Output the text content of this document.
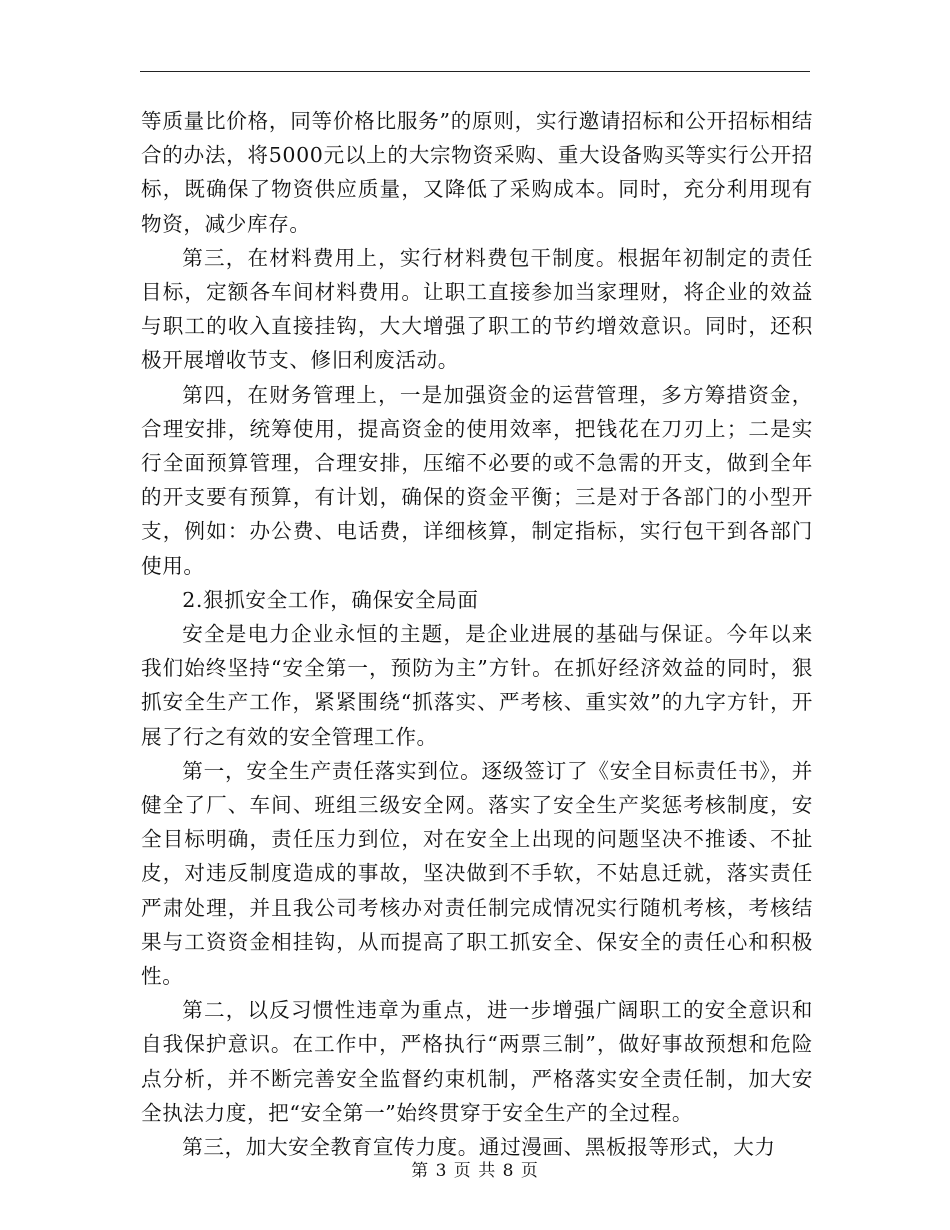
等质量比价格，同等价格比服务”的原则，实行邀请招标和公开招标相结合的办法，将5000元以上的大宗物资采购、重大设备购买等实行公开招标，既确保了物资供应质量，又降低了采购成本。同时，充分利用现有物资，减少库存。

第三，在材料费用上，实行材料费包干制度。根据年初制定的责任目标，定额各车间材料费用。让职工直接参加当家理财，将企业的效益与职工的收入直接挂钩，大大增强了职工的节约增效意识。同时，还积极开展增收节支、修旧利废活动。

第四，在财务管理上，一是加强资金的运营管理，多方筹措资金，合理安排，统筹使用，提高资金的使用效率，把钱花在刀刃上；二是实行全面预算管理，合理安排，压缩不必要的或不急需的开支，做到全年的开支要有预算，有计划，确保的资金平衡；三是对于各部门的小型开支，例如：办公费、电话费，详细核算，制定指标，实行包干到各部门使用。

2.狠抓安全工作，确保安全局面

安全是电力企业永恒的主题，是企业进展的基础与保证。今年以来我们始终坚持“安全第一，预防为主”方针。在抓好经济效益的同时，狠抓安全生产工作，紧紧围绕“抓落实、严考核、重实效”的九字方针，开展了行之有效的安全管理工作。

第一，安全生产责任落实到位。逐级签订了《安全目标责任书》，并健全了厂、车间、班组三级安全网。落实了安全生产奖惩考核制度，安全目标明确，责任压力到位，对在安全上出现的问题坚决不推诿、不扯皮，对违反制度造成的事故，坚决做到不手软，不姑息迁就，落实责任严肃处理，并且我公司考核办对责任制完成情况实行随机考核，考核结果与工资资金相挂钩，从而提高了职工抓安全、保安全的责任心和积极性。

第二，以反习惯性违章为重点，进一步增强广阔职工的安全意识和自我保护意识。在工作中，严格执行“两票三制”，做好事故预想和危险点分析，并不断完善安全监督约束机制，严格落实安全责任制，加大安全执法力度，把“安全第一”始终贯穿于安全生产的全过程。

第三，加大安全教育宣传力度。通过漫画、黑板报等形式，大力

第 3 页 共 8 页
